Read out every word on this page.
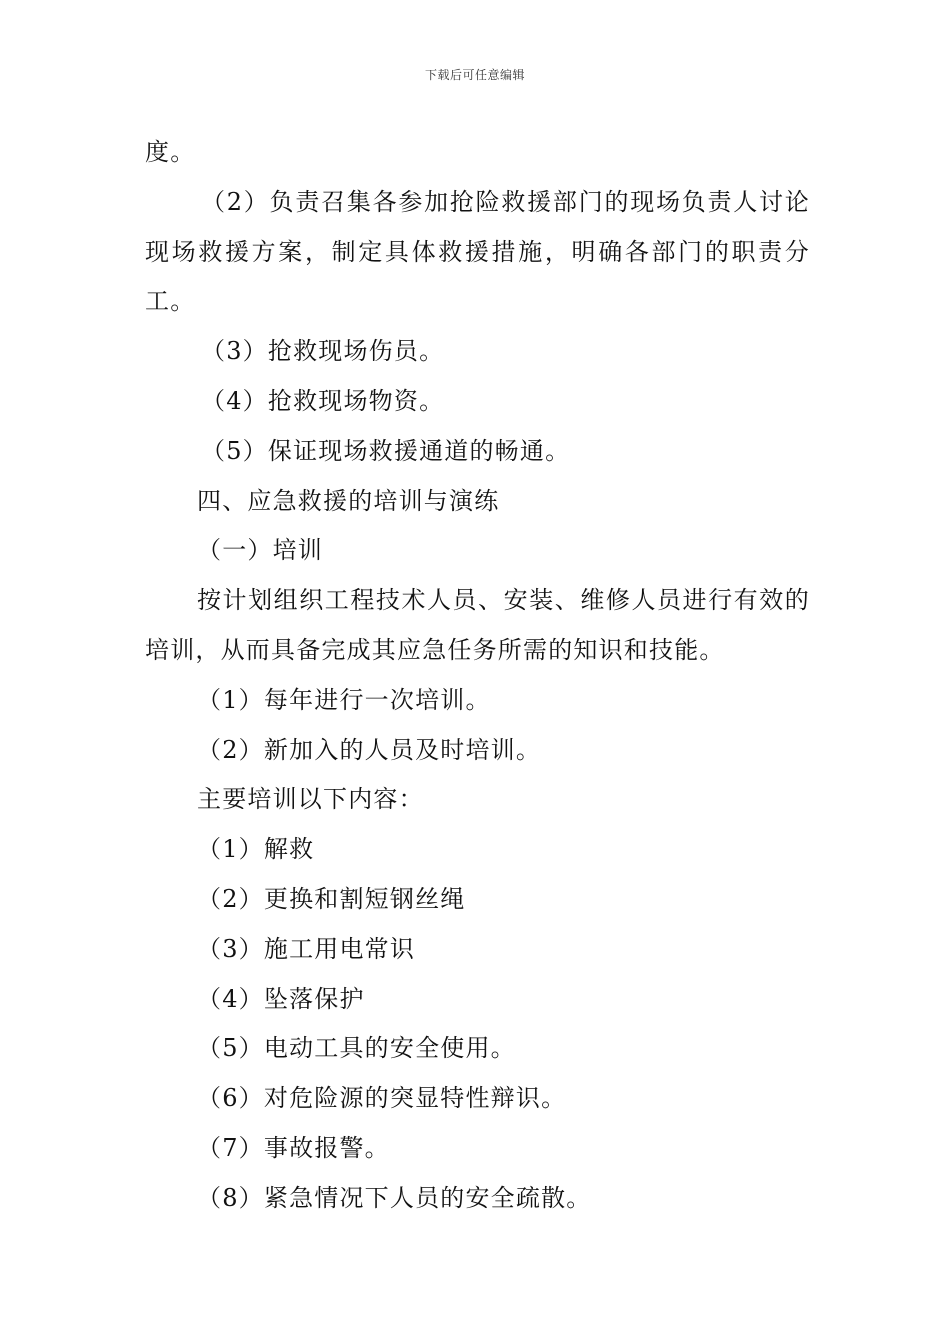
下载后可任意编辑

度。

（2）负责召集各参加抢险救援部门的现场负责人讨论现场救援方案，制定具体救援措施，明确各部门的职责分工。

（3）抢救现场伤员。

（4）抢救现场物资。

（5）保证现场救援通道的畅通。

四、应急救援的培训与演练

（一）培训

按计划组织工程技术人员、安装、维修人员进行有效的培训，从而具备完成其应急任务所需的知识和技能。

（1）每年进行一次培训。

（2）新加入的人员及时培训。

主要培训以下内容：

（1）解救

（2）更换和割短钢丝绳

（3）施工用电常识

（4）坠落保护

（5）电动工具的安全使用。

（6）对危险源的突显特性辩识。

（7）事故报警。

（8）紧急情况下人员的安全疏散。
